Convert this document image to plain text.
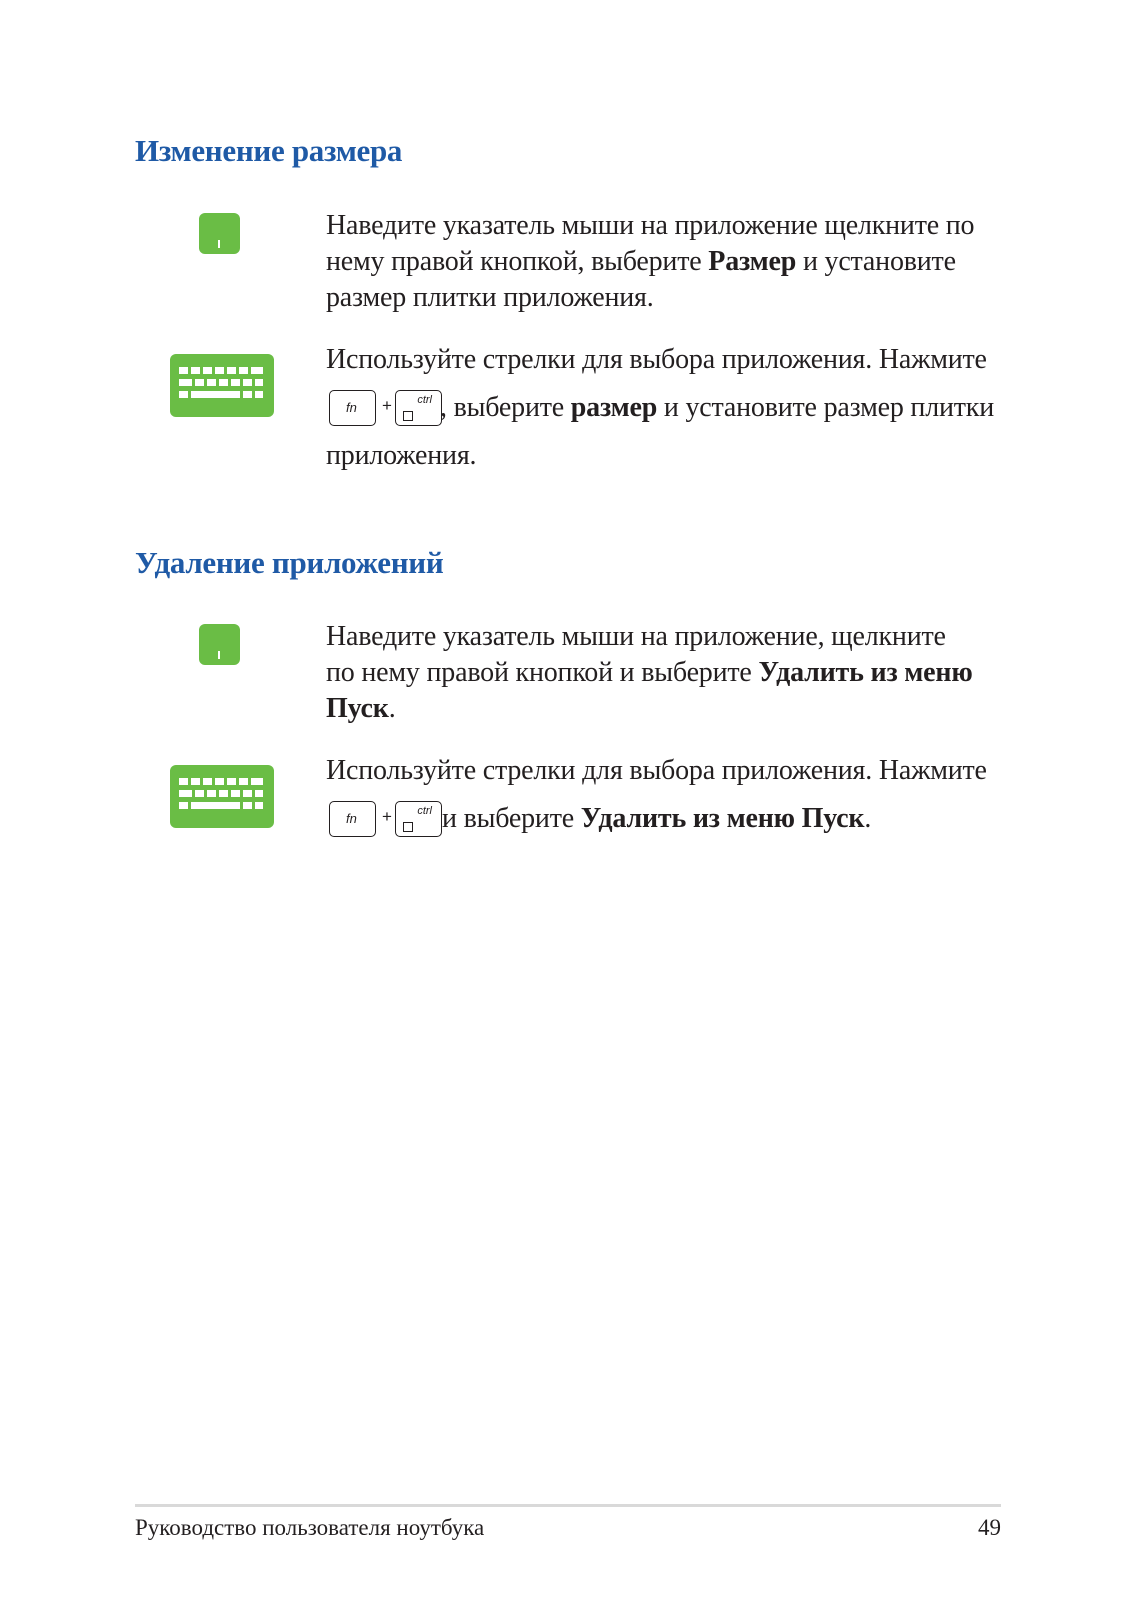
Изменение размера
Наведите указатель мыши на приложение щелкните по
нему правой кнопкой, выберите Размер и установите
размер плитки приложения.
Используйте стрелки для выбора приложения. Нажмите
fn + ctrl , выберите размер и установите размер плитки
приложения.
Удаление приложений
Наведите указатель мыши на приложение, щелкните
по нему правой кнопкой и выберите Удалить из меню
Пуск.
Используйте стрелки для выбора приложения. Нажмите
fn + ctrl и выберите Удалить из меню Пуск.
Руководство пользователя ноутбука	49
